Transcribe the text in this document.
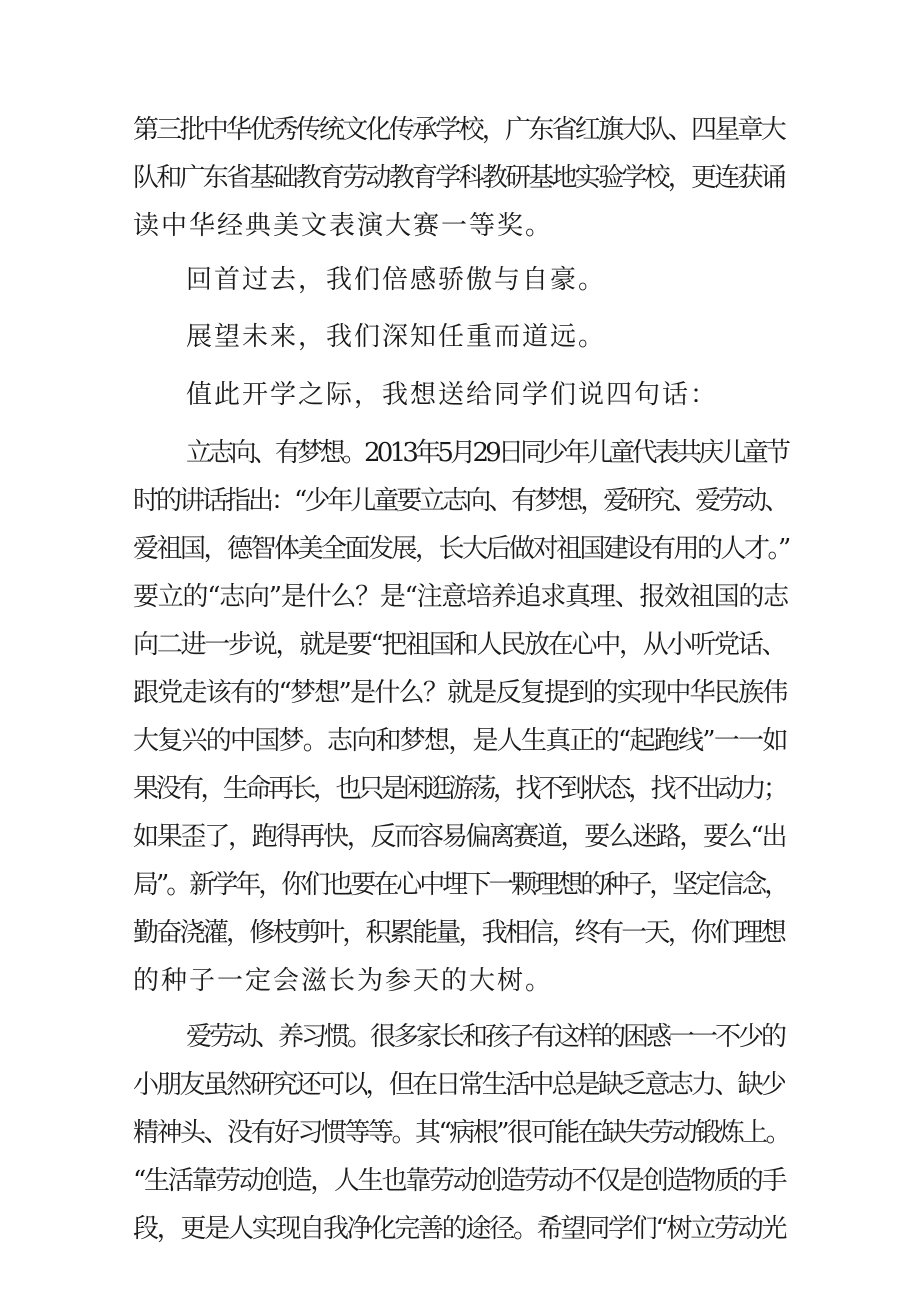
第三批中华优秀传统文化传承学校，广东省红旗大队、四星章大
队和广东省基础教育劳动教育学科教研基地实验学校，更连获诵
读中华经典美文表演大赛一等奖。
回首过去，我们倍感骄傲与自豪。
展望未来，我们深知任重而道远。
值此开学之际，我想送给同学们说四句话：
立志向、有梦想。2013年5月29日同少年儿童代表共庆儿童节
时的讲话指出：“少年儿童要立志向、有梦想，爱研究、爱劳动、
爱祖国，德智体美全面发展，长大后做对祖国建设有用的人才。”
要立的“志向”是什么？是“注意培养追求真理、报效祖国的志
向二进一步说，就是要“把祖国和人民放在心中，从小听党话、
跟党走该有的“梦想”是什么？就是反复提到的实现中华民族伟
大复兴的中国梦。志向和梦想，是人生真正的“起跑线”一一如
果没有，生命再长，也只是闲逛游荡，找不到状态，找不出动力；
如果歪了，跑得再快，反而容易偏离赛道，要么迷路，要么“出
局”。新学年，你们也要在心中埋下一颗理想的种子，坚定信念，
勤奋浇灌，修枝剪叶，积累能量，我相信，终有一天，你们理想
的种子一定会滋长为参天的大树。
爱劳动、养习惯。很多家长和孩子有这样的困惑一一不少的
小朋友虽然研究还可以，但在日常生活中总是缺乏意志力、缺少
精神头、没有好习惯等等。其“病根”很可能在缺失劳动锻炼上。
“生活靠劳动创造，人生也靠劳动创造劳动不仅是创造物质的手
段，更是人实现自我净化完善的途径。希望同学们“树立劳动光
